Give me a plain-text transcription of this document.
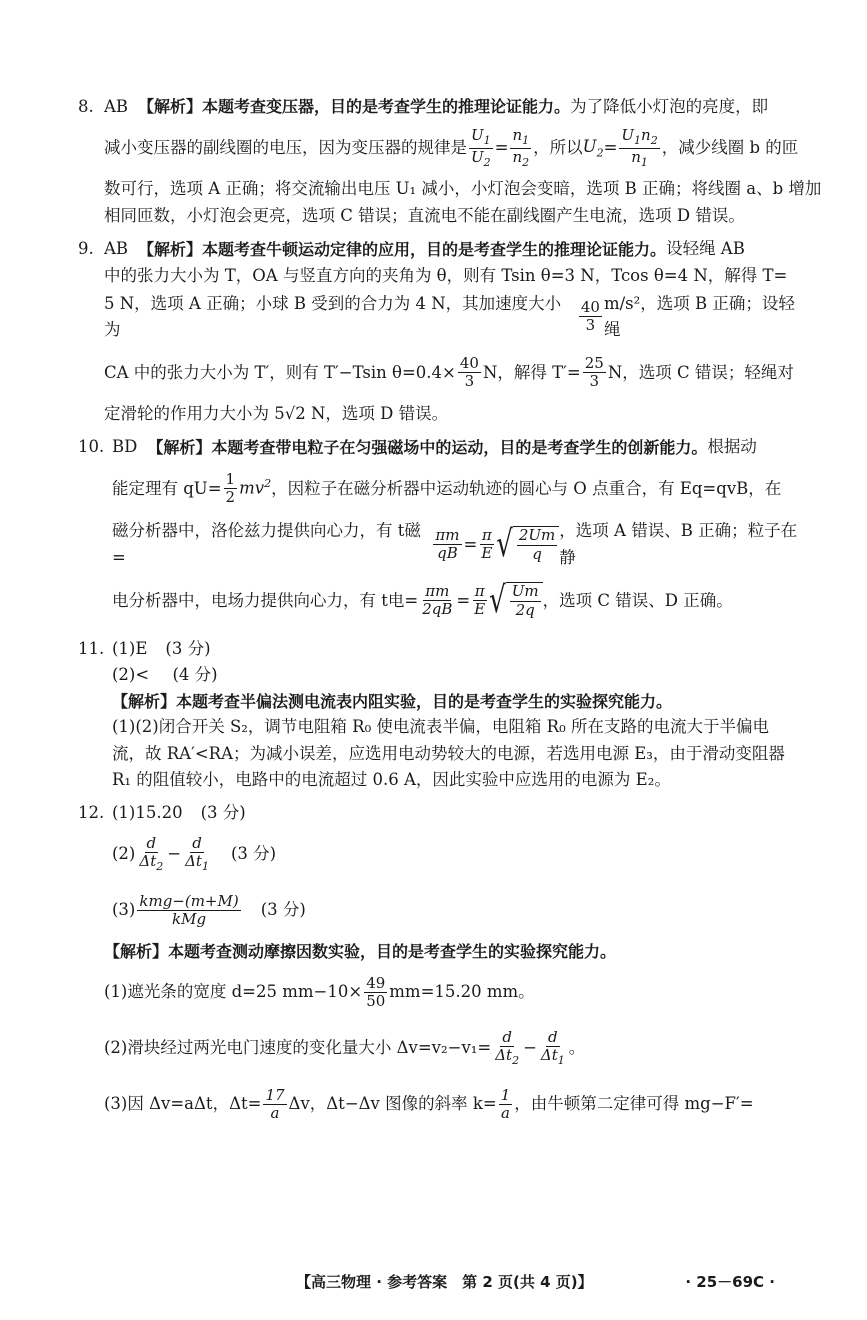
8. AB 【解析】本题考查变压器，目的是考查学生的推理论证能力。 为了降低小灯泡的亮度，即
减小变压器的副线圈的电压，因为变压器的规律是 $\frac{U_1}{U_2} = \frac{n_1}{n_2}$ ，所以 $U_2 = \frac{U_1n_2}{n_1}$ ，减少线圈 b 的匝
数可行，选项 A 正确；将交流输出电压 U₁ 减小，小灯泡会变暗，选项 B 正确；将线圈 a、b 增加
相同匝数，小灯泡会更亮，选项 C 错误；直流电不能在副线圈产生电流，选项 D 错误。
9. AB 【解析】本题考查牛顿运动定律的应用，目的是考查学生的推理论证能力。 设轻绳 AB
中的张力大小为 T，OA 与竖直方向的夹角为 θ，则有 Tsin θ=3 N，Tcos θ=4 N，解得 T=
5 N，选项 A 正确；小球 B 受到的合力为 4 N，其加速度大小为	$\frac{40}{3} m/s^2$，选项 B 正确；设轻绳
CA 中的张力大小为 T′，则有 T′−Tsin $\theta=0.4\times \frac{40}{3}$ N，解得 $T'= \frac{25}{3}$ N，选项 C 错误；轻绳对
定滑轮的作用力大小为 5√2 N，选项 D 错误。
10. BD 【解析】本题考查带电粒子在匀强磁场中的运动，目的是考查学生的创新能力。 根据动
能定理有 $qU= \frac{1}{2} mv^2$ ，因粒子在磁分析器中运动轨迹的圆心与 O 点重合，有 Eq=qvB，在
磁分析器中，洛伦兹力提供向心力，有 t磁=	$\frac{\pi m}{qB} = \frac{\pi}{E}$ √ $\frac{2Um}{q}$ ，选项 A 错误、B 正确；粒子在静
电分析器中，电场力提供向心力，有 t电= $\frac{\pi m}{2qB} = \frac{\pi}{E}$ √ $\frac{Um}{2q}$ ，选项 C 错误、D 正确。
11. (1)E (3 分)
(2)< (4 分)
【解析】本题考查半偏法测电流表内阻实验，目的是考查学生的实验探究能力。
(1)(2)闭合开关 S₂，调节电阻箱 R₀ 使电流表半偏，电阻箱 R₀ 所在支路的电流大于半偏电
流，故 RA′<RA；为减小误差，应选用电动势较大的电源，若选用电源 E₃，由于滑动变阻器
R₁ 的阻值较小，电路中的电流超过 0.6 A，因此实验中应选用的电源为 E₂。
12. (1)15.20 (3 分)
$(2) \frac{d}{\Delta t_2} - \frac{d}{\Delta t_1} (3$ 分)
$(3) \frac{\text{kmg−(m+M)}}{\text{kMg}} (3$ 分)
【解析】本题考查测动摩擦因数实验，目的是考查学生的实验探究能力。
(1)遮光条的宽度 d=25 $mm-10\times \frac{49}{50} mm=15.20$ mm。
(2)滑块经过两光电门速度的变化量大小 $\Delta v=v_2-v_1= \frac{d}{\Delta t_2} - \frac{d}{\Delta t_1}$ 。
(3)因 Δv=aΔt，$\Delta t= \frac{17}{a}$ Δv，Δt−Δv 图像的斜率 $k= \frac{1}{a}$ ，由牛顿第二定律可得 mg−F′=
【高三物理 · 参考答案　第 2 页(共 4 页)】	· 25－69C ·
